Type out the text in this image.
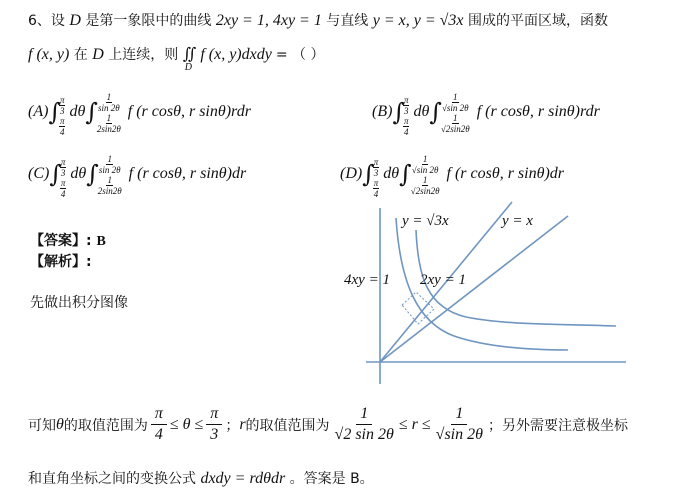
6、设 D 是第一象限中的曲线 2xy = 1, 4xy = 1 与直线 y = x, y = √3x 围成的平面区域，函数
f (x, y) 在 D 上连续，则 ∬ f (x, y)dxdy
D
= （ ）
(A) ∫
$\frac{\pi}{3}$
$\frac{\pi}{4}$
dθ ∫
$\frac{1}{\sin 2\theta}$
$\frac{1}{2\sin 2\theta}$
f (r cosθ, r sinθ)rdr	(B) ∫
$\frac{\pi}{3}$
$\frac{\pi}{4}$
dθ ∫
$\frac{1}{√\sin 2\theta}$
$\frac{1}{√2\sin 2\theta}$
f (r cosθ, r sinθ)rdr
(C) ∫
$\frac{\pi}{3}$
$\frac{\pi}{4}$
dθ ∫
$\frac{1}{\sin 2\theta}$
$\frac{1}{2\sin 2\theta}$
f (r cosθ, r sinθ)dr	(D) ∫
$\frac{\pi}{3}$
$\frac{\pi}{4}$
dθ ∫
$\frac{1}{√\sin 2\theta}$
$\frac{1}{√2\sin 2\theta}$
f (r cosθ, r sinθ)dr
【答案】: B
【解析】:
先做出积分图像
y = √3x	y = x
4xy = 1 2xy = 1
可知 θ 的取值范围为 $\frac{\pi}{4} \le \theta \le \frac{\pi}{3}$ ； r 的取值范围为 $\frac{1}{√2 \sin 2\theta} \le r \le \frac{1}{√\sin 2\theta}$ ；另外需要注意极坐标
和直角坐标之间的变换公式 dxdy = rdθdr 。答案是 B。
